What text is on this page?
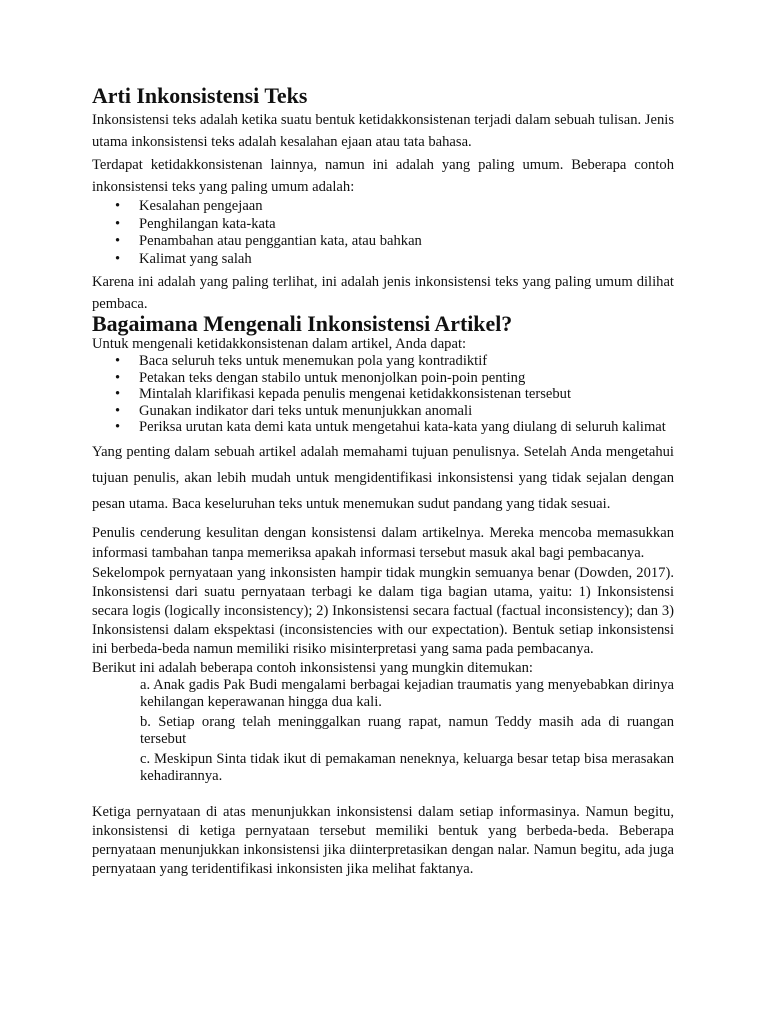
Arti Inkonsistensi Teks

Inkonsistensi teks adalah ketika suatu bentuk ketidakkonsistenan terjadi dalam sebuah tulisan. Jenis utama inkonsistensi teks adalah kesalahan ejaan atau tata bahasa.

Terdapat ketidakkonsistenan lainnya, namun ini adalah yang paling umum. Beberapa contoh inkonsistensi teks yang paling umum adalah:

• Kesalahan pengejaan
• Penghilangan kata-kata
• Penambahan atau penggantian kata, atau bahkan
• Kalimat yang salah

Karena ini adalah yang paling terlihat, ini adalah jenis inkonsistensi teks yang paling umum dilihat pembaca.

Bagaimana Mengenali Inkonsistensi Artikel?

Untuk mengenali ketidakkonsistenan dalam artikel, Anda dapat:

• Baca seluruh teks untuk menemukan pola yang kontradiktif
• Petakan teks dengan stabilo untuk menonjolkan poin-poin penting
• Mintalah klarifikasi kepada penulis mengenai ketidakkonsistenan tersebut
• Gunakan indikator dari teks untuk menunjukkan anomali
• Periksa urutan kata demi kata untuk mengetahui kata-kata yang diulang di seluruh kalimat

Yang penting dalam sebuah artikel adalah memahami tujuan penulisnya. Setelah Anda mengetahui tujuan penulis, akan lebih mudah untuk mengidentifikasi inkonsistensi yang tidak sejalan dengan pesan utama. Baca keseluruhan teks untuk menemukan sudut pandang yang tidak sesuai.

Penulis cenderung kesulitan dengan konsistensi dalam artikelnya. Mereka mencoba memasukkan informasi tambahan tanpa memeriksa apakah informasi tersebut masuk akal bagi pembacanya.

Sekelompok pernyataan yang inkonsisten hampir tidak mungkin semuanya benar (Dowden, 2017). Inkonsistensi dari suatu pernyataan terbagi ke dalam tiga bagian utama, yaitu: 1) Inkonsistensi secara logis (logically inconsistency); 2) Inkonsistensi secara factual (factual inconsistency); dan 3) Inkonsistensi dalam ekspektasi (inconsistencies with our expectation). Bentuk setiap inkonsistensi ini berbeda-beda namun memiliki risiko misinterpretasi yang sama pada pembacanya.

Berikut ini adalah beberapa contoh inkonsistensi yang mungkin ditemukan:

a. Anak gadis Pak Budi mengalami berbagai kejadian traumatis yang menyebabkan dirinya kehilangan keperawanan hingga dua kali.

b. Setiap orang telah meninggalkan ruang rapat, namun Teddy masih ada di ruangan tersebut

c. Meskipun Sinta tidak ikut di pemakaman neneknya, keluarga besar tetap bisa merasakan kehadirannya.

Ketiga pernyataan di atas menunjukkan inkonsistensi dalam setiap informasinya. Namun begitu, inkonsistensi di ketiga pernyataan tersebut memiliki bentuk yang berbeda-beda. Beberapa pernyataan menunjukkan inkonsistensi jika diinterpretasikan dengan nalar. Namun begitu, ada juga pernyataan yang teridentifikasi inkonsisten jika melihat faktanya.
